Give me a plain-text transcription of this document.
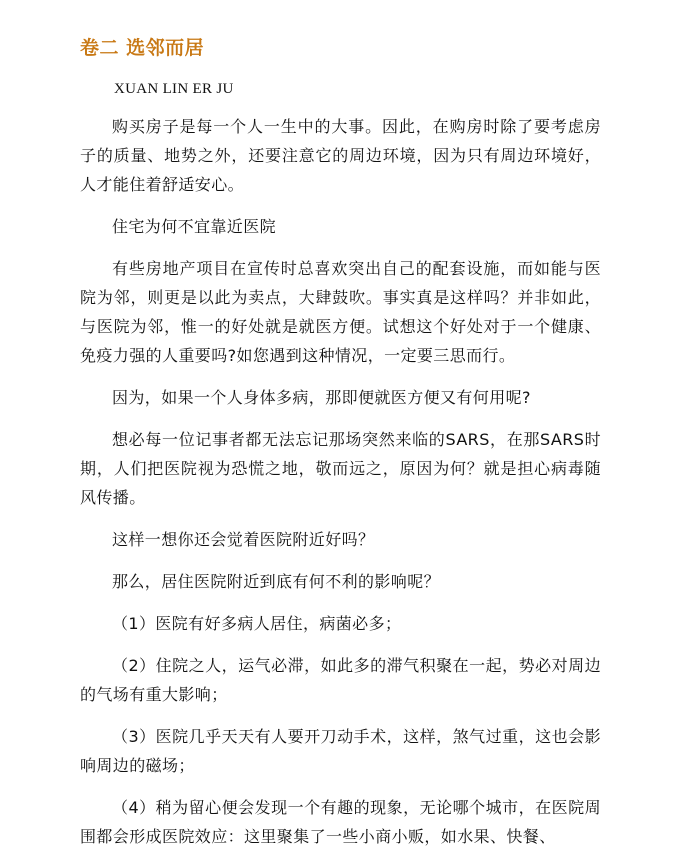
卷二 选邻而居

XUAN LIN ER JU

购买房子是每一个人一生中的大事。因此，在购房时除了要考虑房子的质量、地势之外，还要注意它的周边环境，因为只有周边环境好，人才能住着舒适安心。

住宅为何不宜靠近医院

有些房地产项目在宣传时总喜欢突出自己的配套设施，而如能与医院为邻，则更是以此为卖点，大肆鼓吹。事实真是这样吗？并非如此，与医院为邻，惟一的好处就是就医方便。试想这个好处对于一个健康、免疫力强的人重要吗?如您遇到这种情况，一定要三思而行。

因为，如果一个人身体多病，那即便就医方便又有何用呢?

想必每一位记事者都无法忘记那场突然来临的SARS，在那SARS时期，人们把医院视为恐慌之地，敬而远之，原因为何？就是担心病毒随风传播。

这样一想你还会觉着医院附近好吗？

那么，居住医院附近到底有何不利的影响呢？

（1）医院有好多病人居住，病菌必多；

（2）住院之人，运气必滞，如此多的滞气积聚在一起，势必对周边的气场有重大影响；

（3）医院几乎天天有人要开刀动手术，这样，煞气过重，这也会影响周边的磁场；

（4）稍为留心便会发现一个有趣的现象，无论哪个城市，在医院周围都会形成医院效应：这里聚集了一些小商小贩，如水果、快餐、
